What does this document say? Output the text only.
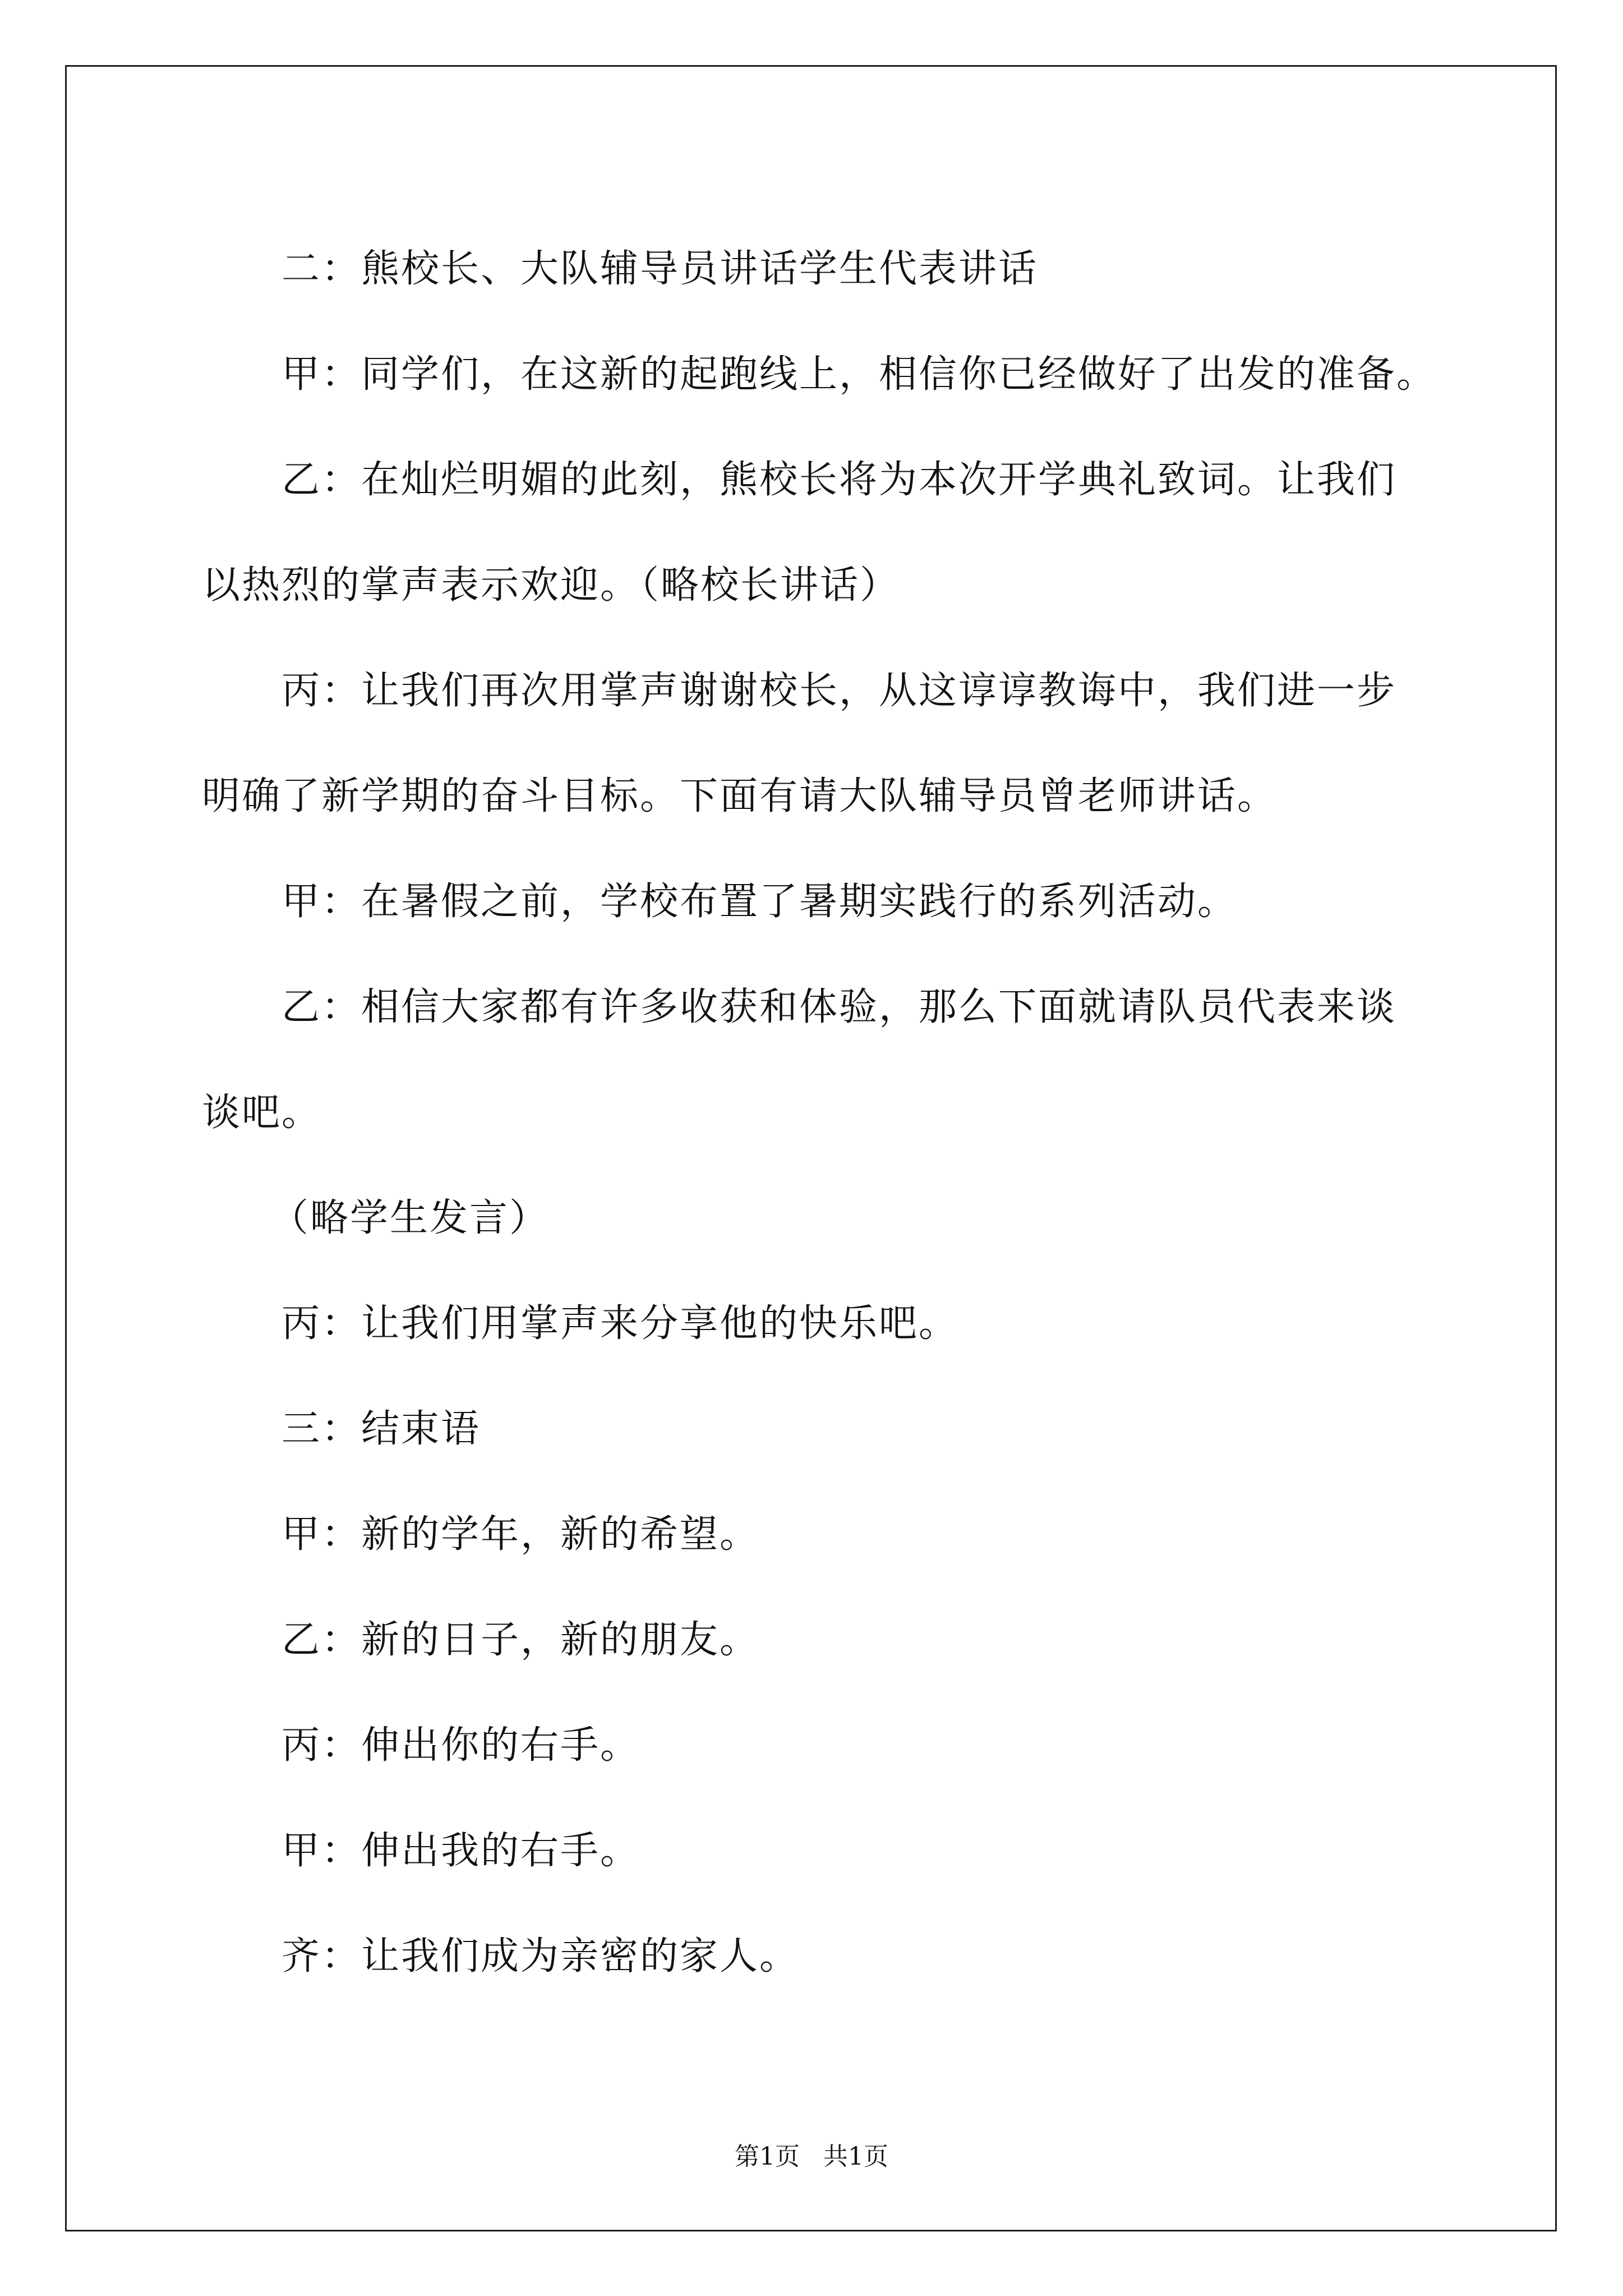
二：熊校长、大队辅导员讲话学生代表讲话

甲：同学们，在这新的起跑线上，相信你已经做好了出发的准备。

乙：在灿烂明媚的此刻，熊校长将为本次开学典礼致词。让我们

以热烈的掌声表示欢迎。（略校长讲话）

丙：让我们再次用掌声谢谢校长，从这谆谆教诲中，我们进一步

明确了新学期的奋斗目标。下面有请大队辅导员曾老师讲话。

甲：在暑假之前，学校布置了暑期实践行的系列活动。

乙：相信大家都有许多收获和体验，那么下面就请队员代表来谈

谈吧。

（略学生发言）

丙：让我们用掌声来分享他的快乐吧。

三：结束语

甲：新的学年，新的希望。

乙：新的日子，新的朋友。

丙：伸出你的右手。

甲：伸出我的右手。

齐：让我们成为亲密的家人。

第1页   共1页
